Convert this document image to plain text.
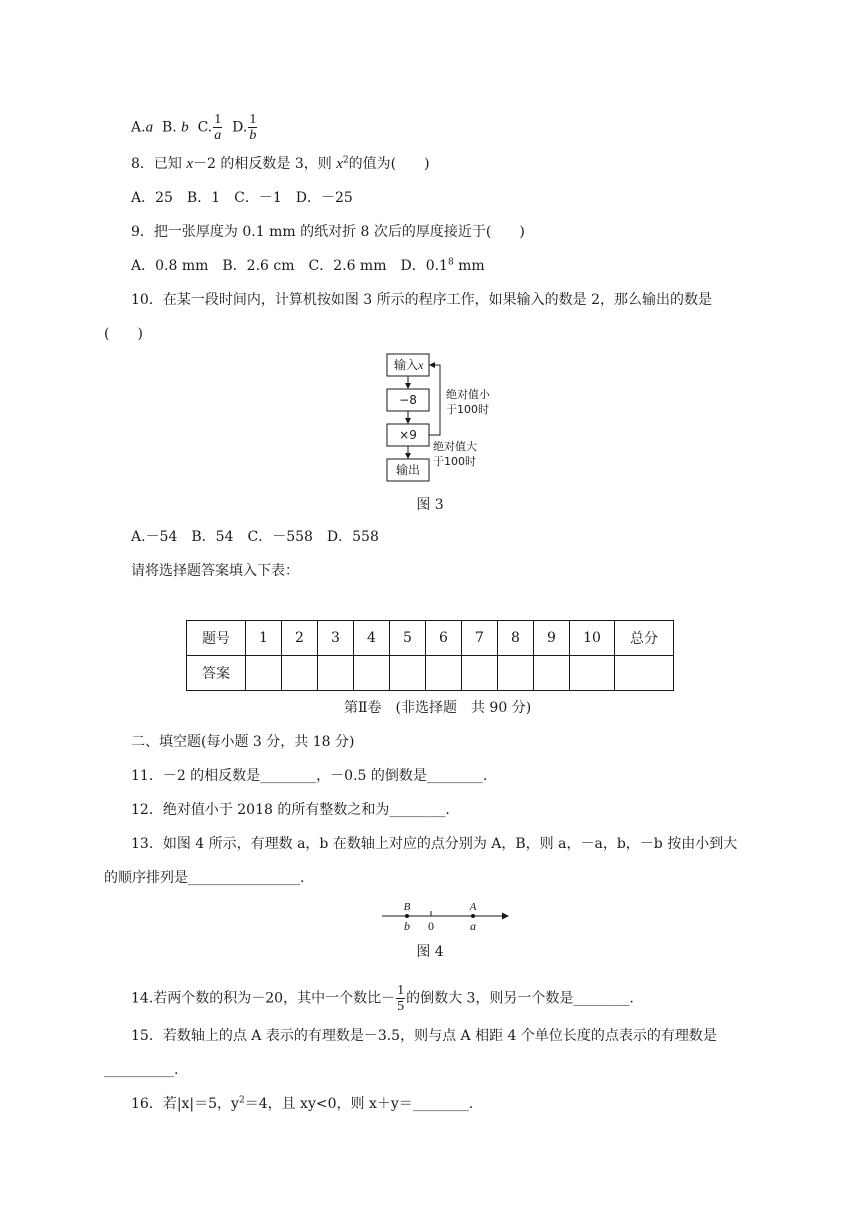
A.a B. b C. $\frac{1}{a} D$. $\frac{1}{b}$
8．已知 x－2 的相反数是 3，则 $x^2$的值为(　　)
A．25　B．1　C．－1　D．－25
9．把一张厚度为 0.1 mm 的纸对折 8 次后的厚度接近于(　　)
A．0.8 mm　B．2.6 cm　C．2.6 mm　D．$0.1^8$ mm
10．在某一段时间内，计算机按如图 3 所示的程序工作，如果输入的数是 2，那么输出的数是
(　　)
输入x
−8
×9
输出
绝对值小
于100时
绝对值大
于100时
图 3
A.－54　B．54　C．－558　D．558
请将选择题答案填入下表：
题号	1	2	3	4	5	6	7	8	9	10	总分
答案											
第Ⅱ卷　(非选择题　共 90 分)
二、填空题(每小题 3 分，共 18 分)
11．－2 的相反数是________，－0.5 的倒数是________.
12．绝对值小于 2018 的所有整数之和为________.
13．如图 4 所示，有理数 a，b 在数轴上对应的点分别为 A，B，则 a，－a，b，－b 按由小到大
的顺序排列是________________.
B	A
b 0	a
图 4
14.若两个数的积为－20，其中一个数比－ $\frac{1}{5}$ 的倒数大 3，则另一个数是________.
15．若数轴上的点 A 表示的有理数是－3.5，则与点 A 相距 4 个单位长度的点表示的有理数是
__________.
16．若|x|＝5，$y^2=4$，且 xy<0，则 x＋y＝________.
